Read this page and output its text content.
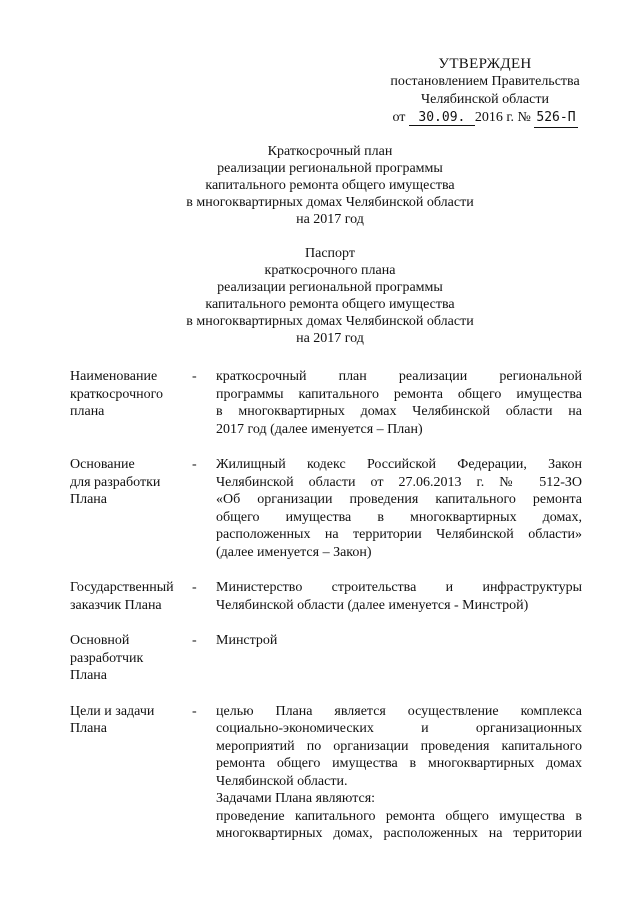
УТВЕРЖДЕН
постановлением Правительства
Челябинской области
от 30.09. 2016 г. № 526-П
Краткосрочный план
реализации региональной программы
капитального ремонта общего имущества
в многоквартирных домах Челябинской области
на 2017 год
Паспорт
краткосрочного плана
реализации региональной программы
капитального ремонта общего имущества
в многоквартирных домах Челябинской области
на 2017 год
Наименование
краткосрочного
плана
-	краткосрочный план реализации региональной
программы капитального ремонта общего имущества
в многоквартирных домах Челябинской области на
2017 год (далее именуется – План)
Основание
для разработки
Плана
-	Жилищный кодекс Российской Федерации, Закон
Челябинской области от 27.06.2013 г. № 512-ЗО
«Об организации проведения капитального ремонта
общего имущества в многоквартирных домах,
расположенных на территории Челябинской области»
(далее именуется – Закон)
Государственный
заказчик Плана
-	Министерство строительства и инфраструктуры
Челябинской области (далее именуется - Минстрой)
Основной
разработчик
Плана
-	Минстрой
Цели и задачи
Плана
-	целью Плана является осуществление комплекса
социально-экономических и организационных
мероприятий по организации проведения капитального
ремонта общего имущества в многоквартирных домах
Челябинской области.
Задачами Плана являются:
проведение капитального ремонта общего имущества в
многоквартирных домах, расположенных на территории
